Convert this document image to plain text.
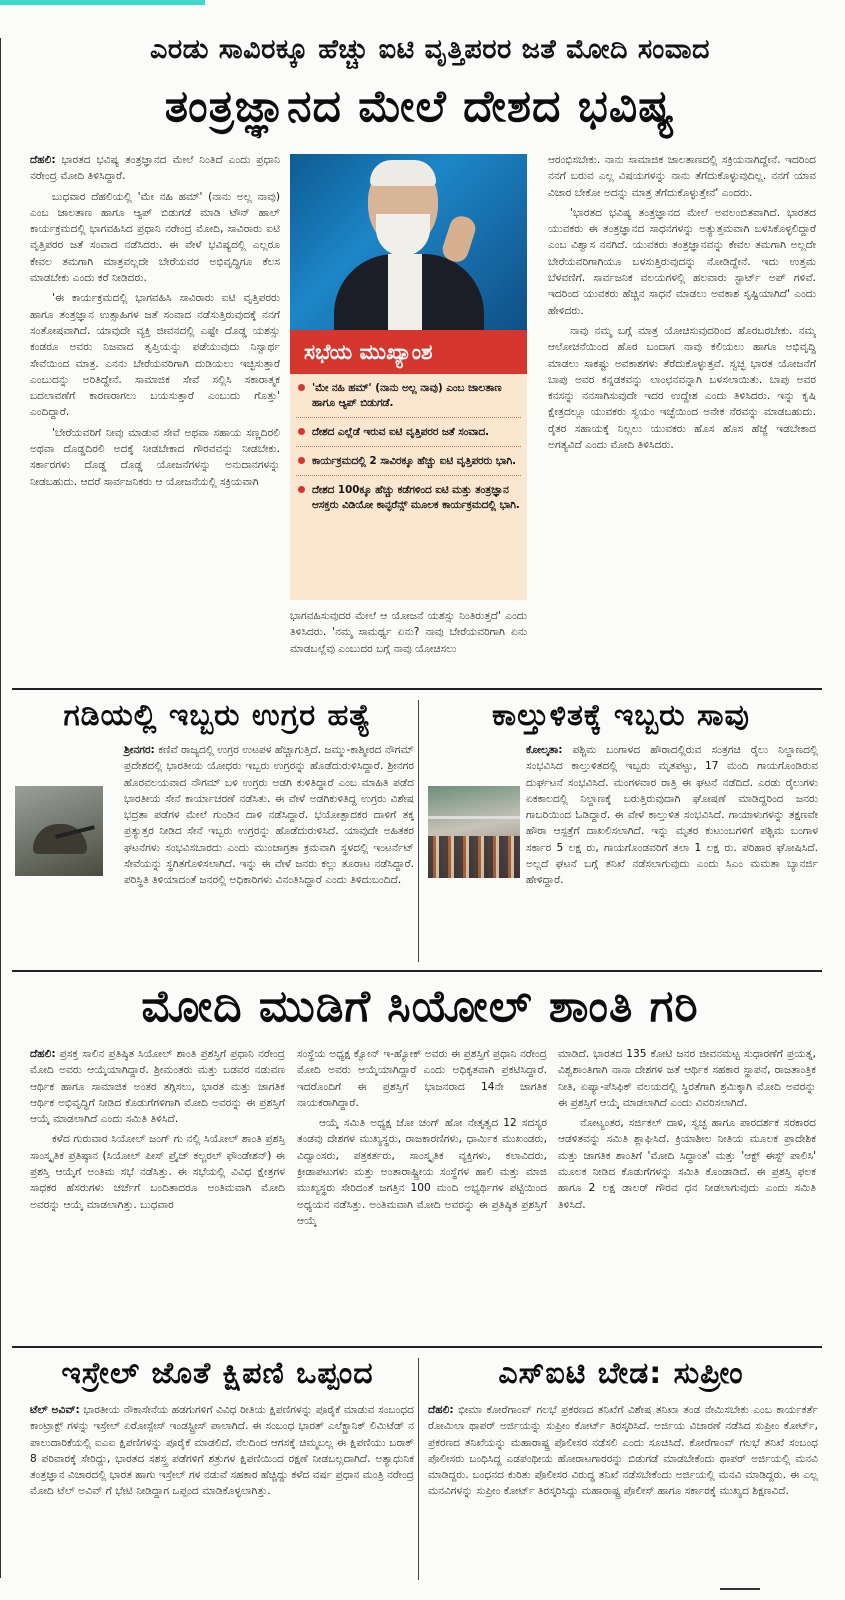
ಎರಡು ಸಾವಿರಕ್ಕೂ ಹೆಚ್ಚು ಐಟಿ ವೃತ್ತಿಪರರ ಜತೆ ಮೋದಿ ಸಂವಾದ
ತಂತ್ರಜ್ಞಾನದ ಮೇಲೆ ದೇಶದ ಭವಿಷ್ಯ

ದೆಹಲಿ: ಭಾರತದ ಭವಿಷ್ಯ ತಂತ್ರಜ್ಞಾನದ ಮೇಲೆ ನಿಂತಿದೆ ಎಂದು ಪ್ರಧಾನಿ ನರೇಂದ್ರ ಮೋದಿ ತಿಳಿಸಿದ್ದಾರೆ.

ಬುಧವಾರ ದೆಹಲಿಯಲ್ಲಿ 'ಮೇ ನಹಿ ಹಮ್' (ನಾನು ಅಲ್ಲ ನಾವು) ಎಂಬ ಜಾಲತಾಣ ಹಾಗೂ ಆ್ಯಪ್ ಬಿಡುಗಡೆ ಮಾಡಿ ಟೌನ್ ಹಾಲ್ ಕಾರ್ಯಕ್ರಮದಲ್ಲಿ ಭಾಗವಹಿಸಿದ ಪ್ರಧಾನಿ ನರೇಂದ್ರ ಮೋದಿ, ಸಾವಿರಾರು ಐಟಿ ವೃತ್ತಿಪರರ ಜತೆ ಸಂವಾದ ನಡೆಸಿದರು. ಈ ವೇಳೆ ಭವಿಷ್ಯದಲ್ಲಿ ಎಲ್ಲರೂ ಕೇವಲ ತಮಗಾಗಿ ಮಾತ್ರವಲ್ಲದೇ ಬೇರೆಯವರ ಅಭಿವೃದ್ಧಿಗೂ ಕೆಲಸ ಮಾಡಬೇಕು ಎಂದು ಕರೆ ನೀಡಿದರು.

'ಈ ಕಾರ್ಯಕ್ರಮದಲ್ಲಿ ಭಾಗವಹಿಸಿ ಸಾವಿರಾರು ಐಟಿ ವೃತ್ತಿಪರರು ಹಾಗೂ ತಂತ್ರಜ್ಞಾನ ಉತ್ಸಾಹಿಗಳ ಜತೆ ಸಂವಾದ ನಡೆಸುತ್ತಿರುವುದಕ್ಕೆ ನನಗೆ ಸಂತೋಷವಾಗಿದೆ. ಯಾವುದೇ ವ್ಯಕ್ತಿ ಜೀವನದಲ್ಲಿ ಎಷ್ಟೇ ದೊಡ್ಡ ಯಶಸ್ಸು ಕಂಡರೂ ಅವರು ನಿಜವಾದ ತೃಪ್ತಿಯನ್ನು ಪಡೆಯುವುದು ನಿಸ್ವಾರ್ಥ ಸೇವೆಯಿಂದ ಮಾತ್ರ. ಎನನು ಬೇರೆಯವರಿಗಾಗಿ ದುಡಿಯಲು ಇಚ್ಛಿಸುತ್ತಾರೆ ಎಂಬುದನ್ನು ಅರಿತಿದ್ದೇನೆ. ಸಾಮಾಜಿಕ ಸೇವೆ ಸಲ್ಲಿಸಿ ಸಕಾರಾತ್ಮಕ ಬದಲಾವಣೆಗೆ ಕಾರಣರಾಗಲು ಬಯಸುತ್ತಾರೆ ಎಂಬುದು ಗೊತ್ತು' ಎಂದಿದ್ದಾರೆ.

'ಬೇರೆಯವರಿಗೆ ನೀವು ಮಾಡುವ ಸೇವೆ ಅಥವಾ ಸಹಾಯ ಸಣ್ಣದಿರಲಿ ಅಥವಾ ದೊಡ್ಡದಿರಲಿ ಅದಕ್ಕೆ ನೀಡಬೇಕಾದ ಗೌರವವನ್ನು ನೀಡಬೇಕು. ಸರ್ಕಾರಗಳು ದೊಡ್ಡ ದೊಡ್ಡ ಯೋಜನೆಗಳನ್ನು ಅನುದಾನಗಳನ್ನು ನೀಡಬಹುದು. ಆದರೆ ಸಾರ್ವಜನಿಕರು ಆ ಯೋಜನೆಯಲ್ಲಿ ಸಕ್ರಿಯವಾಗಿ

ಸಭೆಯ ಮುಖ್ಯಾಂಶ
'ಮೇ ನಹಿ ಹಮ್' (ನಾನು ಅಲ್ಲ ನಾವು) ಎಂಬ ಜಾಲತಾಣ ಹಾಗೂ ಆ್ಯಪ್ ಬಿಡುಗಡೆ.
ದೇಶದ ಎಲ್ಲೆಡೆ ಇರುವ ಐಟಿ ವೃತ್ತಿಪರರ ಜತೆ ಸಂವಾದ.
ಕಾರ್ಯಕ್ರಮದಲ್ಲಿ 2 ಸಾವಿರಕ್ಕೂ ಹೆಚ್ಚು ಐಟಿ ವೃತ್ತಿಪರರು ಭಾಗಿ.
ದೇಶದ 100ಕ್ಕೂ ಹೆಚ್ಚು ಕಡೆಗಳಿಂದ ಐಟಿ ಮತ್ತು ತಂತ್ರಜ್ಞಾನ ಆಸಕ್ತರು ವಿಡಿಯೋ ಕಾನ್ಫರೆನ್ಸ್ ಮೂಲಕ ಕಾರ್ಯಕ್ರಮದಲ್ಲಿ ಭಾಗಿ.

ಭಾಗವಹಿಸುವುದರ ಮೇಲೆ ಆ ಯೋಜನೆ ಯಶಸ್ಸು ನಿಂತಿರುತ್ತದೆ' ಎಂದು ತಿಳಿಸಿದರು. 'ನಮ್ಮ ಸಾಮರ್ಥ್ಯ ಏನು? ನಾವು ಬೇರೆಯವರಿಗಾಗಿ ಏನು ಮಾಡಬಲ್ಲೆವು ಎಂಬುದರ ಬಗ್ಗೆ ನಾವು ಯೋಚಿಸಲು

ಆರಂಭಿಸಬೇಕು. ನಾನು ಸಾಮಾಜಿಕ ಜಾಲತಾಣದಲ್ಲಿ ಸಕ್ರಿಯನಾಗಿದ್ದೇನೆ. ಇದರಿಂದ ನನಗೆ ಬರುವ ಎಲ್ಲ ವಿಷಯಗಳನ್ನು ನಾನು ತೆಗೆದುಕೊಳ್ಳುವುದಿಲ್ಲ. ನನಗೆ ಯಾವ ವಿಚಾರ ಬೇಕೋ ಅದನ್ನು ಮಾತ್ರ ತೆಗೆದುಕೊಳ್ಳುತ್ತೇನೆ' ಎಂದರು.

'ಭಾರತದ ಭವಿಷ್ಯ ತಂತ್ರಜ್ಞಾನದ ಮೇಲೆ ಅವಲಂಬಿತವಾಗಿದೆ. ಭಾರತದ ಯುವಕರು ಈ ತಂತ್ರಜ್ಞಾನದ ಸಾಧನಗಳನ್ನು ಅತ್ಯುತ್ತಮವಾಗಿ ಬಳಸಿಕೊಳ್ಳಲಿದ್ದಾರೆ ಎಂಬ ವಿಶ್ವಾಸ ನನಗಿದೆ. ಯುವಕರು ತಂತ್ರಜ್ಞಾನವನ್ನು ಕೇವಲ ತಮಗಾಗಿ ಅಲ್ಲದೇ ಬೇರೆಯವರಿಗಾಗಿಯೂ ಬಳಸುತ್ತಿರುವುದನ್ನು ನೋಡಿದ್ದೇನೆ. ಇದು ಉತ್ತಮ ಬೆಳವಣಿಗೆ. ಸಾರ್ವಜನಿಕ ವಲಯಗಳಲ್ಲಿ ಹಲವಾರು ಸ್ಟಾರ್ಟ್ ಅಪ್ ಗಳಿವೆ. ಇದರಿಂದ ಯುವಕರು ಹೆಚ್ಚಿನ ಸಾಧನೆ ಮಾಡಲು ಅವಕಾಶ ಸೃಷ್ಟಿಯಾಗಿದೆ' ಎಂದು ಹೇಳಿದರು.

ನಾವು ನಮ್ಮ ಬಗ್ಗೆ ಮಾತ್ರ ಯೋಚಿಸುವುದರಿಂದ ಹೊರಬರಬೇಕು. ನಮ್ಮ ಆಲೋಚನೆಯಿಂದ ಹೊರ ಬಂದಾಗ ನಾವು ಕಲಿಯಲು ಹಾಗೂ ಅಭಿವೃದ್ಧಿ ಮಾಡಲು ಸಾಕಷ್ಟು ಅವಕಾಶಗಳು ತೆರೆದುಕೊಳ್ಳುತ್ತವೆ. ಸ್ವಚ್ಛ ಭಾರತ ಯೋಜನೆಗೆ ಬಾಪು ಅವರ ಕನ್ನಡಕವನ್ನು ಲಾಂಛನವನ್ನಾಗಿ ಬಳಸಲಾಯಿತು. ಬಾಪು ಅವರ ಕನಸನ್ನು ನನಸಾಗಿಸುವುದೇ ಇದರ ಉದ್ದೇಶ ಎಂದು ತಿಳಿಸಿದರು. ಇನ್ನು ಕೃಷಿ ಕ್ಷೇತ್ರದಲ್ಲೂ ಯುವಕರು ಸ್ವಯಂ ಇಚ್ಛೆಯಿಂದ ಅನೇಕ ನೆರವನ್ನು ಮಾಡಬಹುದು. ರೈತರ ಸಹಾಯಕ್ಕೆ ನಿಲ್ಲಲು ಯುವಕರು ಹೊಸ ಹೊಸ ಹೆಜ್ಜೆ ಇಡಬೇಕಾದ ಅಗತ್ಯವಿದೆ ಎಂದು ಮೋದಿ ತಿಳಿಸಿದರು.

ಗಡಿಯಲ್ಲಿ ಇಬ್ಬರು ಉಗ್ರರ ಹತ್ಯೆ
ಶ್ರೀನಗರ: ಕಣಿವೆ ರಾಜ್ಯದಲ್ಲಿ ಉಗ್ರರ ಉಟಪಳ ಹೆಚ್ಚಾಗುತ್ತಿದೆ. ಜಮ್ಮು-ಕಾಶ್ಮೀರದ ನೌಗಮ್ ಪ್ರದೇಶದಲ್ಲಿ ಭಾರತೀಯ ಯೋಧರು ಇಬ್ಬರು ಉಗ್ರರನ್ನು ಹೊಡೆದುರುಳಿಸಿದ್ದಾರೆ. ಶ್ರೀನಗರ ಹೊರವಲಯವಾದ ನೌಗಮ್ ಬಳಿ ಉಗ್ರರು ಅಡಗಿ ಕುಳಿತಿದ್ದಾರೆ ಎಂಬ ಮಾಹಿತಿ ಪಡೆದ ಭಾರತೀಯ ಸೇನೆ ಕಾರ್ಯಾಚರಣೆ ನಡೆಸಿತು. ಈ ವೇಳೆ ಅಡಗಿಕುಳಿತಿದ್ದ ಉಗ್ರರು ವಿಶೇಷ ಭದ್ರತಾ ಪಡೆಗಳ ಮೇಲೆ ಗುಂಡಿನ ದಾಳಿ ನಡೆಸಿದ್ದಾರೆ. ಭಯೋತ್ಪಾದಕರ ದಾಳಿಗೆ ತಕ್ಕ ಪ್ರತ್ಯುತ್ತರ ನೀಡಿದ ಸೇನೆ ಇಬ್ಬರು ಉಗ್ರರನ್ನು ಹೊಡೆದುರುಳಿಸಿದೆ. ಯಾವುದೇ ಅಹಿತಕರ ಘಟನೆಗಳು ಸಂಭವಿಸಬಾರದು ಎಂದು ಮುಂಜಾಗ್ರತಾ ಕ್ರಮವಾಗಿ ಸ್ಥಳದಲ್ಲಿ ಇಂಟರ್ನೆಟ್ ಸೇವೆಯನ್ನು ಸ್ಥಗಿತಗೊಳಿಸಲಾಗಿದೆ. ಇನ್ನು ಈ ವೇಳೆ ಜನರು ಕಲ್ಲು ತೂರಾಟ ನಡೆಸಿದ್ದಾರೆ. ಪರಿಸ್ಥಿತಿ ತಿಳಿಯಾದಂತೆ ಜನರಲ್ಲಿ ಅಧಿಕಾರಿಗಳು ವಿನಂತಿಸಿದ್ದಾರೆ ಎಂದು ತಿಳಿದುಬಂದಿದೆ.
ಕಾಲ್ತುಳಿತಕ್ಕೆ ಇಬ್ಬರು ಸಾವು
ಕೋಲ್ಕತಾ: ಪಶ್ಚಿಮ ಬಂಗಾಳದ ಹೌರಾದಲ್ಲಿರುವ ಸಂತ್ರಗಚಿ ರೈಲು ನಿಲ್ದಾಣದಲ್ಲಿ ಸಂಭವಿಸಿದ ಕಾಲ್ತುಳಿತದಲ್ಲಿ ಇಬ್ಬರು ಮೃತಪಟ್ಟು, 17 ಮಂದಿ ಗಾಯಗೊಂಡಿರುವ ದುರ್ಘಟನೆ ಸಂಭವಿಸಿದೆ. ಮಂಗಳವಾರ ರಾತ್ರಿ ಈ ಘಟನೆ ನಡೆದಿದೆ. ಎರಡು ರೈಲುಗಳು ಏಕಕಾಲದಲ್ಲಿ ನಿಲ್ದಾಣಕ್ಕೆ ಬರುತ್ತಿರುವುದಾಗಿ ಘೋಷಣೆ ಮಾಡಿದ್ದರಿಂದ ಜನರು ಗಾಬರಿಯಿಂದ ಓಡಿದ್ದಾರೆ. ಈ ವೇಳೆ ಕಾಲ್ತುಳಿತ ಸಂಭವಿಸಿದೆ. ಗಾಯಾಳುಗಳನ್ನು ತಕ್ಷಣವೇ ಹೌರಾ ಆಸ್ಪತ್ರೆಗೆ ದಾಖಲಿಸಲಾಗಿದೆ. ಇನ್ನು ಮೃತರ ಕುಟುಂಬಗಳಿಗೆ ಪಶ್ಚಿಮ ಬಂಗಾಳ ಸರ್ಕಾರ 5 ಲಕ್ಷ ರು, ಗಾಯಗೊಂಡವರಿಗೆ ತಲಾ 1 ಲಕ್ಷ ರು. ಪರಿಹಾರ ಘೋಷಿಸಿದೆ. ಅಲ್ಲದೆ ಘಟನೆ ಬಗ್ಗೆ ತನಿಖೆ ನಡೆಸಲಾಗುವುದು ಎಂದು ಸಿಎಂ ಮಮತಾ ಬ್ಯಾನರ್ಜಿ ಹೇಳಿದ್ದಾರೆ.
ಮೋದಿ ಮುಡಿಗೆ ಸಿಯೋಲ್ ಶಾಂತಿ ಗರಿ

ದೆಹಲಿ: ಪ್ರಸಕ್ತ ಸಾಲಿನ ಪ್ರತಿಷ್ಠಿತ ಸಿಯೋಲ್ ಶಾಂತಿ ಪ್ರಶಸ್ತಿಗೆ ಪ್ರಧಾನಿ ನರೇಂದ್ರ ಮೋದಿ ಅವರು ಆಯ್ಕೆಯಾಗಿದ್ದಾರೆ. ಶ್ರೀಮಂತರು ಮತ್ತು ಬಡವರ ನಡುವಣ ಆರ್ಥಿಕ ಹಾಗೂ ಸಾಮಾಜಿಕ ಅಂತರ ತಗ್ಗಿಸಲು, ಭಾರತ ಮತ್ತು ಜಾಗತಿಕ ಆರ್ಥಿಕ ಅಭಿವೃದ್ಧಿಗೆ ನೀಡಿದ ಕೊಡುಗೆಗಳಿಗಾಗಿ ಮೋದಿ ಅವರನ್ನು ಈ ಪ್ರಶಸ್ತಿಗೆ ಆಯ್ಕೆ ಮಾಡಲಾಗಿದೆ ಎಂದು ಸಮಿತಿ ತಿಳಿಸಿದೆ.

ಕಳೆದ ಗುರುವಾರ ಸಿಯೋಲ್ ಜಂಗ್ ಗು ನಲ್ಲಿ ಸಿಯೋಲ್ ಶಾಂತಿ ಪ್ರಶಸ್ತಿ ಸಾಂಸ್ಕೃತಿಕ ಪ್ರತಿಷ್ಠಾನ (ಸಿಯೋಲ್ ಪೀಸ್ ಪ್ರೈಜ್ ಕಲ್ಚರಲ್ ಫೌಂಡೇಶನ್) ಈ ಪ್ರಶಸ್ತಿ ಆಯ್ಕೆಗೆ ಅಂತಿಮ ಸಭೆ ನಡೆಸಿತ್ತು. ಈ ಸಭೆಯಲ್ಲಿ ವಿವಿಧ ಕ್ಷೇತ್ರಗಳ ಸಾಧಕರ ಹೆಸರುಗಳು ಚರ್ಚೆಗೆ ಬಂದಿತಾದರೂ ಅಂತಿಮವಾಗಿ ಮೋದಿ ಅವರನ್ನು ಆಯ್ಕೆ ಮಾಡಲಾಗಿತ್ತು. ಬುಧವಾರ

ಸಂಸ್ಥೆಯ ಅಧ್ಯಕ್ಷ ಕ್ವೋನ್ ಇ-ಹ್ಯೋಕ್ ಅವರು ಈ ಪ್ರಶಸ್ತಿಗೆ ಪ್ರಧಾನಿ ನರೇಂದ್ರ ಮೋದಿ ಅವರು ಆಯ್ಕೆಯಾಗಿದ್ದಾರೆ ಎಂದು ಅಧಿಕೃತವಾಗಿ ಪ್ರಕಟಿಸಿದ್ದಾರೆ. ಇದರೊಂದಿಗೆ ಈ ಪ್ರಶಸ್ತಿಗೆ ಭಾಜನರಾದ 14ನೇ ಜಾಗತಿಕ ನಾಯಕರಾಗಿದ್ದಾರೆ.

ಆಯ್ಕೆ ಸಮಿತಿ ಅಧ್ಯಕ್ಷ ಜೋ ಚಂಗ್ ಹೋ ನೇತೃತ್ವದ 12 ಸದಸ್ಯರ ತಂಡವು ದೇಶಗಳ ಮುಖ್ಯಸ್ಥರು, ರಾಜಕಾರಣಿಗಳು, ಧಾರ್ಮಿಕ ಮುಖಂಡರು, ವಿದ್ವಾಂಸರು, ಪತ್ರಕರ್ತರು, ಸಾಂಸ್ಕೃತಿಕ ವ್ಯಕ್ತಿಗಳು, ಕಲಾವಿದರು, ಕ್ರೀಡಾಪಟುಗಳು ಮತ್ತು ಅಂತಾರಾಷ್ಟ್ರೀಯ ಸಂಸ್ಥೆಗಳ ಹಾಲಿ ಮತ್ತು ಮಾಜಿ ಮುಖ್ಯಸ್ಥರು ಸೇರಿದಂತೆ ಜಗತ್ತಿನ 100 ಮಂದಿ ಅಭ್ಯರ್ಥಿಗಳ ಪಟ್ಟಿಯಿಂದ ಅಧ್ಯಯನ ನಡೆಸಿತ್ತು. ಅಂತಿಮವಾಗಿ ಮೋದಿ ಅವರನ್ನು ಈ ಪ್ರತಿಷ್ಠಿತ ಪ್ರಶಸ್ತಿಗೆ ಆಯ್ಕೆ

ಮಾಡಿದೆ. ಭಾರತದ 135 ಕೋಟಿ ಜನರ ಜೀವನಮಟ್ಟ ಸುಧಾರಣೆಗೆ ಪ್ರಯತ್ನ, ವಿಶ್ವಶಾಂತಿಗಾಗಿ ನಾನಾ ದೇಶಗಳ ಜತೆ ಆರ್ಥಿಕ ಸಹಕಾರ ಸ್ಥಾಪನೆ, ರಾಜತಾಂತ್ರಿಕ ನೀತಿ, ಏಷ್ಯಾ-ಪೆಸಿಫಿಕ್ ವಲಯದಲ್ಲಿ ಸ್ಥಿರತೆಗಾಗಿ ಶ್ರಮಿಕ್ಕಾಗಿ ಮೋದಿ ಅವರನ್ನು ಈ ಪ್ರಶಸ್ತಿಗೆ ಆಯ್ಕೆ ಮಾಡಲಾಗಿದೆ ಎಂದು ವಿವರಿಸಲಾಗಿದೆ.

ನೋಟ್ಯಂತರ, ಸರ್ಜಿಕಲ್ ದಾಳಿ, ಸ್ವಚ್ಛ ಹಾಗೂ ಪಾರದರ್ಶಕ ಸರಕಾರದ ಆಡಳಿತವನ್ನು ಸಮಿತಿ ಶ್ಲಾಘಿಸಿದೆ. ಕ್ರಿಯಾಶೀಲ ನೀತಿಯ ಮೂಲಕ ಪ್ರಾದೇಶಿಕ ಮತ್ತು ಜಾಗತಿಕ ಶಾಂತಿಗೆ 'ಮೋದಿ ಸಿದ್ಧಾಂತ' ಮತ್ತು 'ಆಕ್ಟ್ ಈಸ್ಟ್ ಪಾಲಿಸಿ' ಮೂಲಕ ನೀಡಿದ ಕೊಡುಗೆಗಳನ್ನು ಸಮಿತಿ ಕೊಂಡಾಡಿದೆ. ಈ ಪ್ರಶಸ್ತಿ ಫಲಕ ಹಾಗೂ 2 ಲಕ್ಷ ಡಾಲರ್ ಗೌರವ ಧನ ನೀಡಲಾಗುವುದು ಎಂದು ಸಮಿತಿ ತಿಳಿಸಿದೆ.

ಇಸ್ರೇಲ್ ಜೊತೆ ಕ್ಷಿಪಣಿ ಒಪ್ಪಂದ
ಟೆಲ್ ಅವಿವ್: ಭಾರತೀಯ ನೌಕಾಸೇನೆಯ ಹಡಗುಗಳಿಗೆ ವಿವಿಧ ರೀತಿಯ ಕ್ಷಿಪಣಿಗಳನ್ನು ಪೂರೈಕೆ ಮಾಡುವ ಸಂಬಂಧದ ಕಾಂಟ್ರಾಕ್ಟ್ ಗಳನ್ನು ಇಸ್ರೇಲ್ ಏರೋಸ್ಪೇಸ್ ಇಂಡಸ್ಟ್ರೀಸ್ ಪಾಲಾಗಿದೆ. ಈ ಸಂಬಂಧ ಭಾರತ್ ಎಲೆಕ್ಟ್ರಾನಿಕ್ ಲಿಮಿಟೆಡ್ ನ ಪಾಲುದಾರಿಕೆಯಲ್ಲಿ ಐಎಐ ಕ್ಷಿಪಣಿಗಳನ್ನು ಪೂರೈಕೆ ಮಾಡಲಿದೆ. ನೆಲದಿಂದ ಆಗಸಕ್ಕೆ ಚಿಮ್ಮಬಲ್ಲ ಈ ಕ್ಷಿಪಣಿಯು ಬರಾಕ್ 8 ಪರಿವಾರಕ್ಕೆ ಸೇರಿದ್ದು, ಭಾರತದ ಸಶಸ್ತ್ರ ಪಡೆಗಳಿಗೆ ಶತ್ರುಗಳ ಕ್ಷಿಪಣಿಯಿಂದ ರಕ್ಷಣೆ ನೀಡಬಲ್ಲದಾಗಿದೆ. ಅತ್ಯಾಧುನಿಕ ತಂತ್ರಜ್ಞಾನ ವಿಚಾರದಲ್ಲಿ ಭಾರತ ಹಾಗು ಇಸ್ರೇಲ್ ಗಳ ನಡುವೆ ಸಹಕಾರ ಹೆಚ್ಚಿದ್ದು ಕಳೆದ ವರ್ಷ ಪ್ರಧಾನ ಮಂತ್ರಿ ನರೇಂದ್ರ ಮೋದಿ ಟೆಲ್ ಅವಿವ್ ಗೆ ಭೇಟಿ ನೀಡಿದ್ದಾಗ ಒಪ್ಪಂದ ಮಾಡಿಕೊಳ್ಳಲಾಗಿತ್ತು.
ಎಸ್ಐಟಿ ಬೇಡ: ಸುಪ್ರೀಂ
ದೆಹಲಿ: ಭೀಮಾ ಕೋರೆಗಾಂವ್ ಗಲಭೆ ಪ್ರಕರಣದ ತನಿಖೆಗೆ ವಿಶೇಷ ತನಿಖಾ ತಂಡ ನೇಮಿಸಬೇಕು ಎಂಬ ಕಾರ್ಯಕರ್ತೆ ರೋಮಿಲಾ ಥಾಪರ್ ಅರ್ಜಿಯನ್ನು ಸುಪ್ರೀಂ ಕೋರ್ಟ್ ತಿರಸ್ಕರಿಸಿದೆ. ಅರ್ಜಿಯ ವಿಚಾರಣೆ ನಡೆಸಿದ ಸುಪ್ರೀಂ ಕೋರ್ಟ್, ಪ್ರಕರಣದ ತನಿಖೆಯನ್ನು ಮಹಾರಾಷ್ಟ್ರ ಪೊಲೀಸರ ನಡೆಸಲಿ ಎಂದು ಸೂಚಿಸಿದೆ. ಕೋರೆಗಾಂವ್ ಗಲಭೆ ತನಿಖೆ ಸಂಬಂಧ ಪೊಲೀಸರು ಬಂಧಿಸಿದ್ದ ಎಡಪಂಥೀಯ ಹೋರಾಟಗಾರರನ್ನು ಬಿಡುಗಡೆ ಮಾಡಬೇಕೆಂದು ಥಾಪರ್ ಅರ್ಜಿಯಲ್ಲಿ ಮನವಿ ಮಾಡಿದ್ದರು. ಬಂಧನದ ಕುರಿತು ಪೊಲೀಸರ ವಿರುದ್ಧ ತನಿಖೆ ನಡೆಸಬೇಕೆಂದು ಅರ್ಜಿಯಲ್ಲಿ ಮನವಿ ಮಾಡಿದ್ದರು. ಈ ಎಲ್ಲ ಮನವಿಗಳನ್ನು ಸುಪ್ರೀಂ ಕೋರ್ಟ್ ತಿರಸ್ಕರಿಸಿದ್ದು ಮಹಾರಾಷ್ಟ್ರ ಪೊಲೀಸ್ ಹಾಗೂ ಸರ್ಕಾರಕ್ಕೆ ಮುಖ್ಯದ ಶಿಕ್ಷಣವಿದೆ.
